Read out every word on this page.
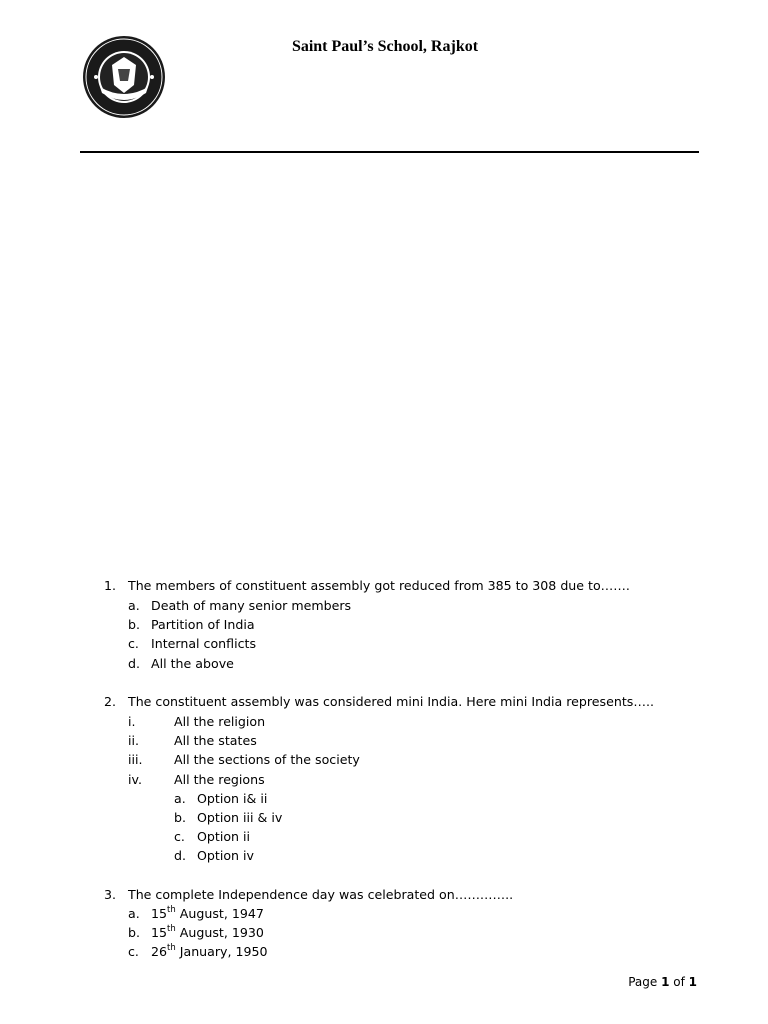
Saint Paul’s School, Rajkot
1. The members of constituent assembly got reduced from 385 to 308 due to…….
a. Death of many senior members
b. Partition of India
c. Internal conflicts
d. All the above
2. The constituent assembly was considered mini India. Here mini India represents…..
i.	All the religion
ii.	All the states
iii. All the sections of the society
iv.	All the regions
a. Option i& ii
b. Option iii & iv
c. Option ii
d. Option iv
3. The complete Independence day was celebrated on…………..
a. 15th August, 1947
b. 15th August, 1930
c. 26th January, 1950
Page 1 of 1
